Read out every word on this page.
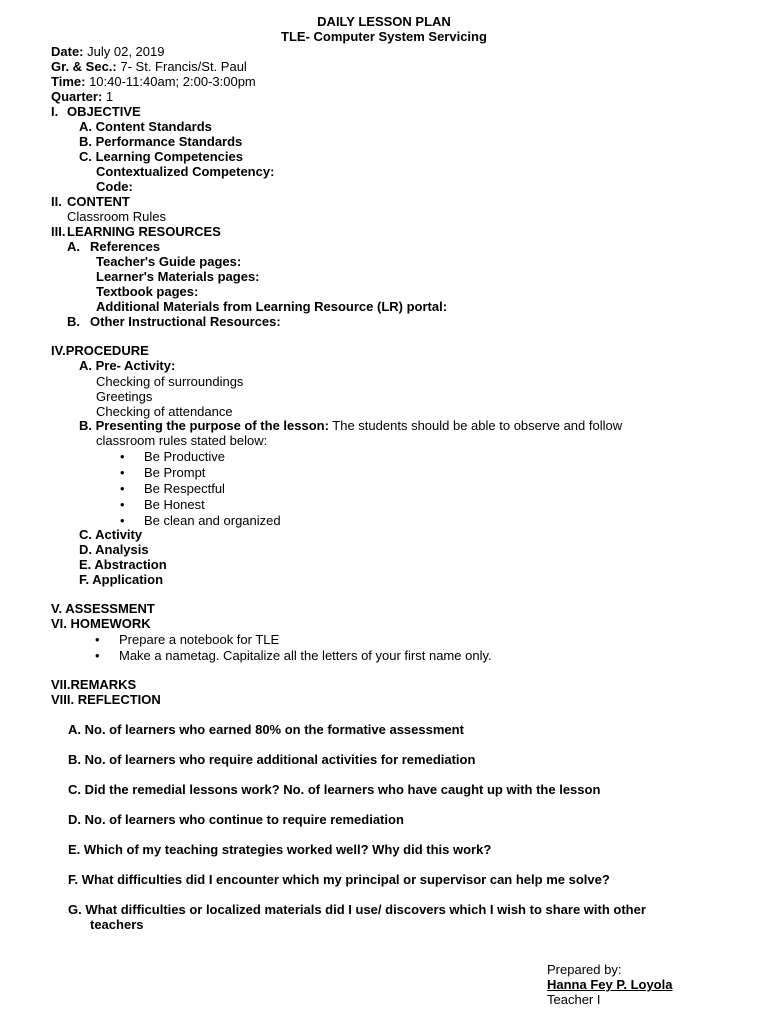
DAILY LESSON PLAN
TLE- Computer System Servicing
Date: July 02, 2019
Gr. & Sec.: 7- St. Francis/St. Paul
Time: 10:40-11:40am; 2:00-3:00pm
Quarter: 1
I. OBJECTIVE
A. Content Standards
B. Performance Standards
C. Learning Competencies
Contextualized Competency:
Code:
II. CONTENT
Classroom Rules
III. LEARNING RESOURCES
A. References
Teacher's Guide pages:
Learner's Materials pages:
Textbook pages:
Additional Materials from Learning Resource (LR) portal:
B. Other Instructional Resources:
IV.PROCEDURE
A. Pre- Activity:
Checking of surroundings
Greetings
Checking of attendance
B. Presenting the purpose of the lesson: The students should be able to observe and follow
classroom rules stated below:
• Be Productive
• Be Prompt
• Be Respectful
• Be Honest
• Be clean and organized
C. Activity
D. Analysis
E. Abstraction
F. Application
V. ASSESSMENT
VI. HOMEWORK
• Prepare a notebook for TLE
• Make a nametag. Capitalize all the letters of your first name only.
VII.REMARKS
VIII. REFLECTION
A. No. of learners who earned 80% on the formative assessment
B. No. of learners who require additional activities for remediation
C. Did the remedial lessons work? No. of learners who have caught up with the lesson
D. No. of learners who continue to require remediation
E. Which of my teaching strategies worked well? Why did this work?
F. What difficulties did I encounter which my principal or supervisor can help me solve?
G. What difficulties or localized materials did I use/ discovers which I wish to share with other
teachers
Prepared by:
Hanna Fey P. Loyola
Teacher I
